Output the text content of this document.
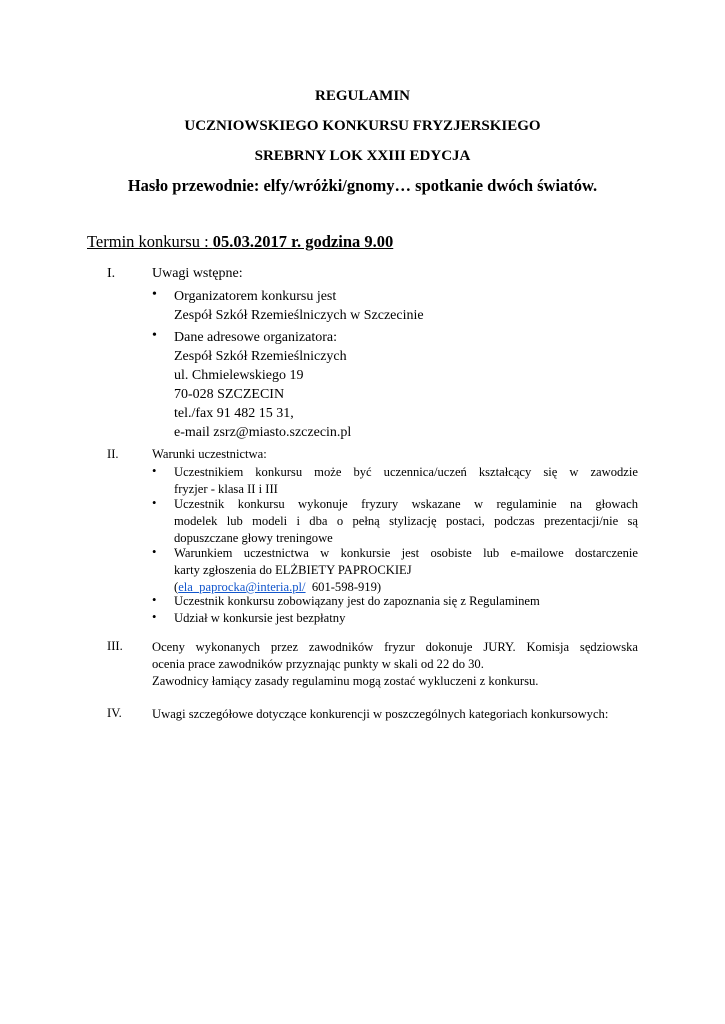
REGULAMIN
UCZNIOWSKIEGO KONKURSU FRYZJERSKIEGO
SREBRNY LOK XXIII EDYCJA
Hasło przewodnie: elfy/wróżki/gnomy… spotkanie dwóch światów.
Termin konkursu : 05.03.2017 r. godzina 9.00
I.	Uwagi wstępne:
• Organizatorem konkursu jest
Zespół Szkół Rzemieślniczych w Szczecinie
• Dane adresowe organizatora:
Zespół Szkół Rzemieślniczych
ul. Chmielewskiego 19
70-028 SZCZECIN
tel./fax 91 482 15 31,
e-mail zsrz@miasto.szczecin.pl
II.	Warunki uczestnictwa:
• Uczestnikiem konkursu może być uczennica/uczeń kształcący się w zawodzie
fryzjer - klasa II i III
• Uczestnik konkursu wykonuje fryzury wskazane w regulaminie na głowach
modelek lub modeli i dba o pełną stylizację postaci, podczas prezentacji/nie są
dopuszczane głowy treningowe
• Warunkiem uczestnictwa w konkursie jest osobiste lub e-mailowe dostarczenie
karty zgłoszenia do ELŻBIETY PAPROCKIEJ
(ela_paprocka@interia.pl/  601-598-919)
• Uczestnik konkursu zobowiązany jest do zapoznania się z Regulaminem
• Udział w konkursie jest bezpłatny
III. Oceny wykonanych przez zawodników fryzur dokonuje JURY. Komisja sędziowska
ocenia prace zawodników przyznając punkty w skali od 22 do 30.
Zawodnicy łamiący zasady regulaminu mogą zostać wykluczeni z konkursu.
IV. Uwagi szczegółowe dotyczące konkurencji w poszczególnych kategoriach konkursowych:
